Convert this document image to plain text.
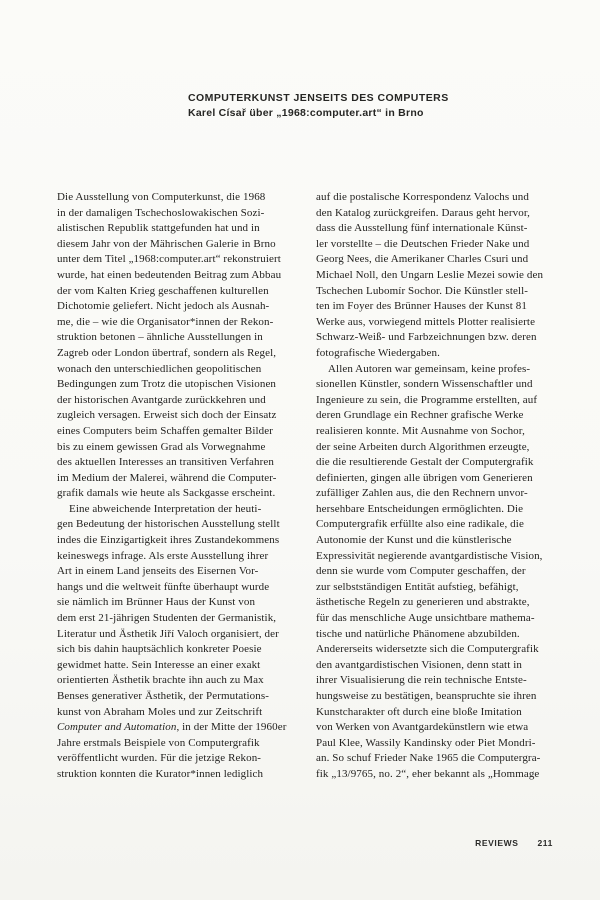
COMPUTERKUNST JENSEITS DES COMPUTERS
Karel Císař über „1968:computer.art“ in Brno
Die Ausstellung von Computerkunst, die 1968
in der damaligen Tschechoslowakischen Sozi-
alistischen Republik stattgefunden hat und in
diesem Jahr von der Mährischen Galerie in Brno
unter dem Titel „1968:computer.art“ rekonstruiert
wurde, hat einen bedeutenden Beitrag zum Abbau
der vom Kalten Krieg geschaffenen kulturellen
Dichotomie geliefert. Nicht jedoch als Ausnah-
me, die – wie die Organisator*innen der Rekon-
struktion betonen – ähnliche Ausstellungen in
Zagreb oder London übertraf, sondern als Regel,
wonach den unterschiedlichen geopolitischen
Bedingungen zum Trotz die utopischen Visionen
der historischen Avantgarde zurückkehren und
zugleich versagen. Erweist sich doch der Einsatz
eines Computers beim Schaffen gemalter Bilder
bis zu einem gewissen Grad als Vorwegnahme
des aktuellen Interesses an transitiven Verfahren
im Medium der Malerei, während die Computer-
grafik damals wie heute als Sackgasse erscheint.
Eine abweichende Interpretation der heuti-
gen Bedeutung der historischen Ausstellung stellt
indes die Einzigartigkeit ihres Zustandekommens
keineswegs infrage. Als erste Ausstellung ihrer
Art in einem Land jenseits des Eisernen Vor-
hangs und die weltweit fünfte überhaupt wurde
sie nämlich im Brünner Haus der Kunst von
dem erst 21-jährigen Studenten der Germanistik,
Literatur und Ästhetik Jiří Valoch organisiert, der
sich bis dahin hauptsächlich konkreter Poesie
gewidmet hatte. Sein Interesse an einer exakt
orientierten Ästhetik brachte ihn auch zu Max
Benses generativer Ästhetik, der Permutations-
kunst von Abraham Moles und zur Zeitschrift
Computer and Automation, in der Mitte der 1960er
Jahre erstmals Beispiele von Computergrafik
veröffentlicht wurden. Für die jetzige Rekon-
struktion konnten die Kurator*innen lediglich
auf die postalische Korrespondenz Valochs und
den Katalog zurückgreifen. Daraus geht hervor,
dass die Ausstellung fünf internationale Künst-
ler vorstellte – die Deutschen Frieder Nake und
Georg Nees, die Amerikaner Charles Csuri und
Michael Noll, den Ungarn Leslie Mezei sowie den
Tschechen Lubomír Sochor. Die Künstler stell-
ten im Foyer des Brünner Hauses der Kunst 81
Werke aus, vorwiegend mittels Plotter realisierte
Schwarz-Weiß- und Farbzeichnungen bzw. deren
fotografische Wiedergaben.
Allen Autoren war gemeinsam, keine profes-
sionellen Künstler, sondern Wissenschaftler und
Ingenieure zu sein, die Programme erstellten, auf
deren Grundlage ein Rechner grafische Werke
realisieren konnte. Mit Ausnahme von Sochor,
der seine Arbeiten durch Algorithmen erzeugte,
die die resultierende Gestalt der Computergrafik
definierten, gingen alle übrigen vom Generieren
zufälliger Zahlen aus, die den Rechnern unvor-
hersehbare Entscheidungen ermöglichten. Die
Computergrafik erfüllte also eine radikale, die
Autonomie der Kunst und die künstlerische
Expressivität negierende avantgardistische Vision,
denn sie wurde vom Computer geschaffen, der
zur selbstständigen Entität aufstieg, befähigt,
ästhetische Regeln zu generieren und abstrakte,
für das menschliche Auge unsichtbare mathema-
tische und natürliche Phänomene abzubilden.
Andererseits widersetzte sich die Computergrafik
den avantgardistischen Visionen, denn statt in
ihrer Visualisierung die rein technische Entste-
hungsweise zu bestätigen, beanspruchte sie ihren
Kunstcharakter oft durch eine bloße Imitation
von Werken von Avantgardekünstlern wie etwa
Paul Klee, Wassily Kandinsky oder Piet Mondri-
an. So schuf Frieder Nake 1965 die Computergra-
fik „13/9765, no. 2“, eher bekannt als „Hommage
REVIEWS 211
